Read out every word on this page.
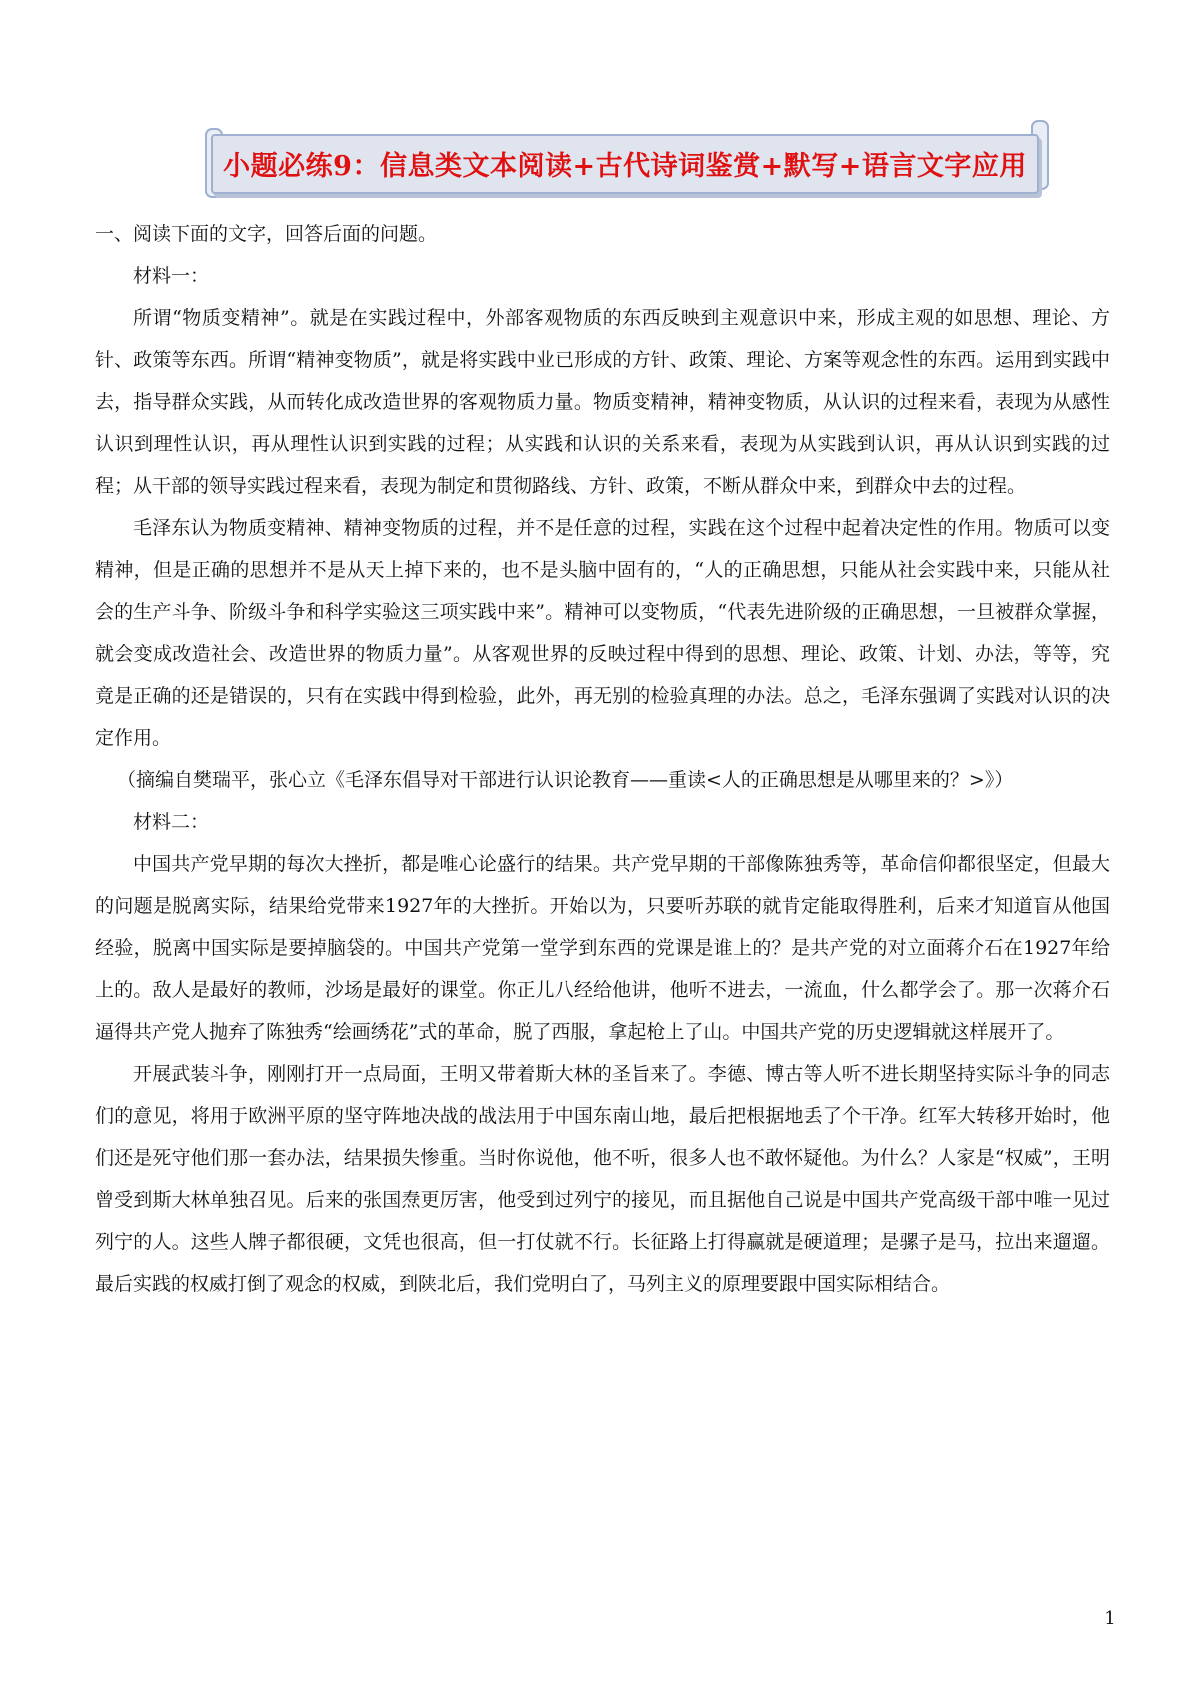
小题必练9：信息类文本阅读+古代诗词鉴赏+默写+语言文字应用

一、阅读下面的文字，回答后面的问题。

材料一：

所谓“物质变精神”。就是在实践过程中，外部客观物质的东西反映到主观意识中来，形成主观的如思想、理论、方针、政策等东西。所谓“精神变物质”，就是将实践中业已形成的方针、政策、理论、方案等观念性的东西。运用到实践中去，指导群众实践，从而转化成改造世界的客观物质力量。物质变精神，精神变物质，从认识的过程来看，表现为从感性认识到理性认识，再从理性认识到实践的过程；从实践和认识的关系来看，表现为从实践到认识，再从认识到实践的过程；从干部的领导实践过程来看，表现为制定和贯彻路线、方针、政策，不断从群众中来，到群众中去的过程。

毛泽东认为物质变精神、精神变物质的过程，并不是任意的过程，实践在这个过程中起着决定性的作用。物质可以变精神，但是正确的思想并不是从天上掉下来的，也不是头脑中固有的，“人的正确思想，只能从社会实践中来，只能从社会的生产斗争、阶级斗争和科学实验这三项实践中来”。精神可以变物质，“代表先进阶级的正确思想，一旦被群众掌握，就会变成改造社会、改造世界的物质力量”。从客观世界的反映过程中得到的思想、理论、政策、计划、办法，等等，究竟是正确的还是错误的，只有在实践中得到检验，此外，再无别的检验真理的办法。总之，毛泽东强调了实践对认识的决定作用。

（摘编自樊瑞平，张心立《毛泽东倡导对干部进行认识论教育——重读<人的正确思想是从哪里来的？>》）

材料二：

中国共产党早期的每次大挫折，都是唯心论盛行的结果。共产党早期的干部像陈独秀等，革命信仰都很坚定，但最大的问题是脱离实际，结果给党带来1927年的大挫折。开始以为，只要听苏联的就肯定能取得胜利，后来才知道盲从他国经验，脱离中国实际是要掉脑袋的。中国共产党第一堂学到东西的党课是谁上的？是共产党的对立面蒋介石在1927年给上的。敌人是最好的教师，沙场是最好的课堂。你正儿八经给他讲，他听不进去，一流血，什么都学会了。那一次蒋介石逼得共产党人抛弃了陈独秀“绘画绣花”式的革命，脱了西服，拿起枪上了山。中国共产党的历史逻辑就这样展开了。

开展武装斗争，刚刚打开一点局面，王明又带着斯大林的圣旨来了。李德、博古等人听不进长期坚持实际斗争的同志们的意见，将用于欧洲平原的坚守阵地决战的战法用于中国东南山地，最后把根据地丢了个干净。红军大转移开始时，他们还是死守他们那一套办法，结果损失惨重。当时你说他，他不听，很多人也不敢怀疑他。为什么？人家是“权威”，王明曾受到斯大林单独召见。后来的张国焘更厉害，他受到过列宁的接见，而且据他自己说是中国共产党高级干部中唯一见过列宁的人。这些人牌子都很硬，文凭也很高，但一打仗就不行。长征路上打得赢就是硬道理；是骡子是马，拉出来遛遛。最后实践的权威打倒了观念的权威，到陕北后，我们党明白了，马列主义的原理要跟中国实际相结合。

1
